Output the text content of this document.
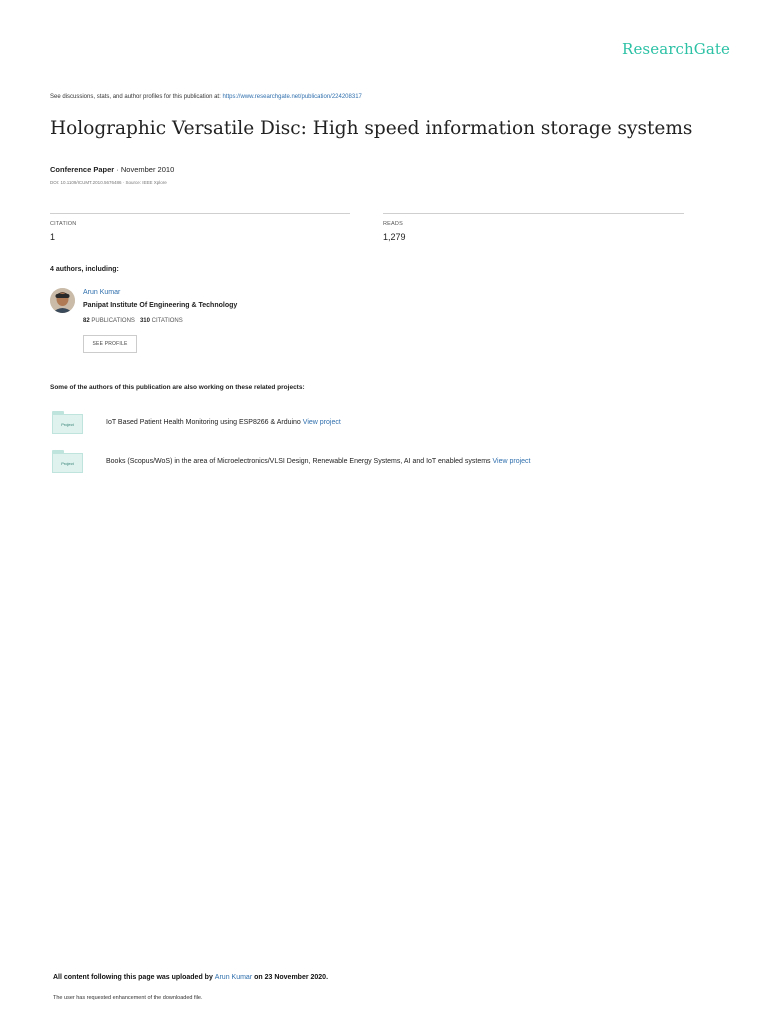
ResearchGate
See discussions, stats, and author profiles for this publication at: https://www.researchgate.net/publication/224208317
Holographic Versatile Disc: High speed information storage systems
Conference Paper · November 2010
DOI: 10.1109/ICUMT.2010.5676486 · Source: IEEE Xplore
CITATION
1
READS
1,279
4 authors, including:
Arun Kumar
Panipat Institute Of Engineering & Technology
82 PUBLICATIONS 310 CITATIONS
SEE PROFILE
Some of the authors of this publication are also working on these related projects:
Project	IoT Based Patient Health Monitoring using ESP8266 & Arduino View project
Project	Books (Scopus/WoS) in the area of Microelectronics/VLSI Design, Renewable Energy Systems, AI and IoT enabled systems View project
All content following this page was uploaded by Arun Kumar on 23 November 2020.
The user has requested enhancement of the downloaded file.
